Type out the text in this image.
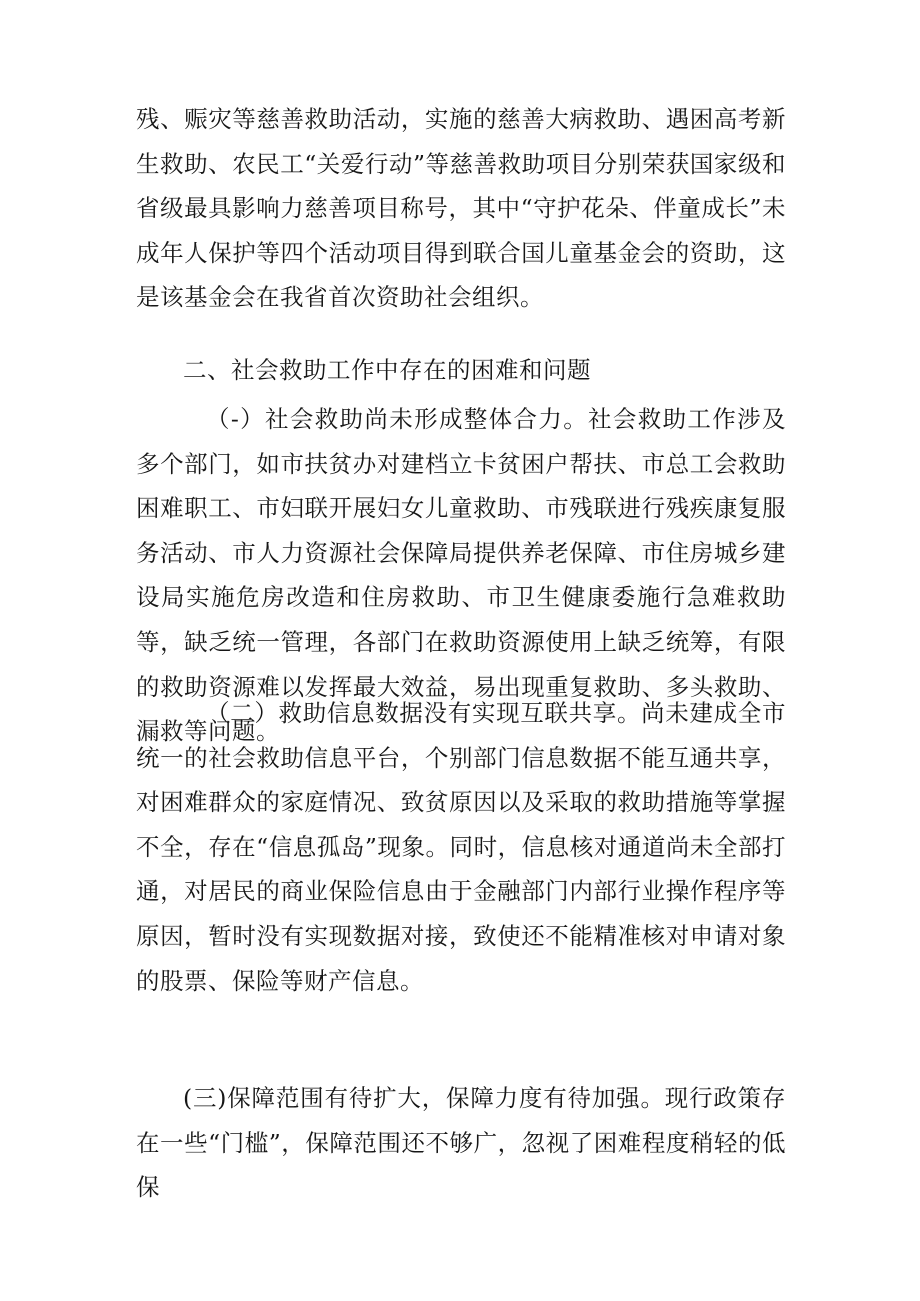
残、赈灾等慈善救助活动，实施的慈善大病救助、遇困高考新生救助、农民工“关爱行动”等慈善救助项目分别荣获国家级和省级最具影响力慈善项目称号，其中“守护花朵、伴童成长”未成年人保护等四个活动项目得到联合国儿童基金会的资助，这是该基金会在我省首次资助社会组织。

二、社会救助工作中存在的困难和问题

（-）社会救助尚未形成整体合力。社会救助工作涉及多个部门，如市扶贫办对建档立卡贫困户帮扶、市总工会救助困难职工、市妇联开展妇女儿童救助、市残联进行残疾康复服务活动、市人力资源社会保障局提供养老保障、市住房城乡建设局实施危房改造和住房救助、市卫生健康委施行急难救助等，缺乏统一管理，各部门在救助资源使用上缺乏统筹，有限的救助资源难以发挥最大效益，易出现重复救助、多头救助、漏救等问题。

（二）救助信息数据没有实现互联共享。尚未建成全市统一的社会救助信息平台，个别部门信息数据不能互通共享，对困难群众的家庭情况、致贫原因以及采取的救助措施等掌握不全，存在“信息孤岛”现象。同时，信息核对通道尚未全部打通，对居民的商业保险信息由于金融部门内部行业操作程序等原因，暂时没有实现数据对接，致使还不能精准核对申请对象的股票、保险等财产信息。

(三)保障范围有待扩大，保障力度有待加强。现行政策存在一些“门槛”，保障范围还不够广，忽视了困难程度稍轻的低保
